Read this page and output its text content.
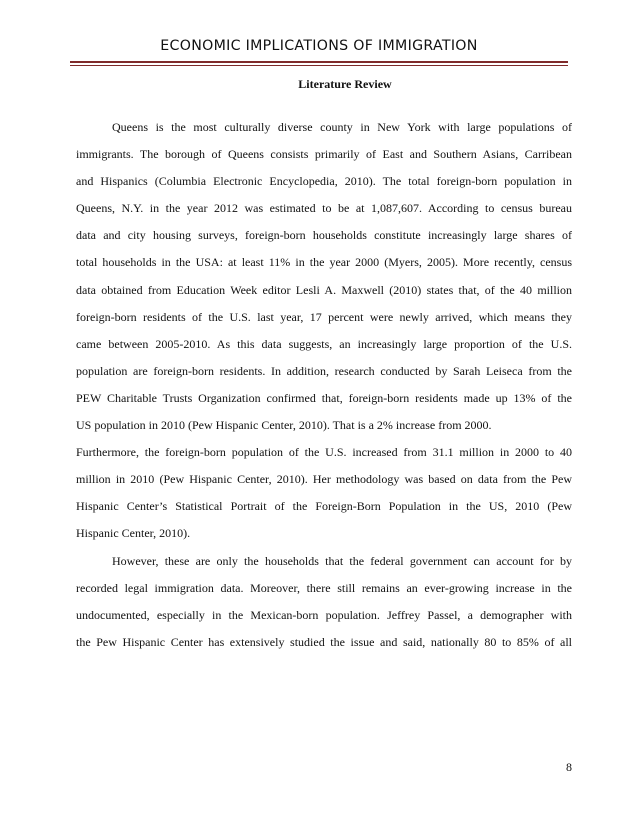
ECONOMIC IMPLICATIONS OF IMMIGRATION
Literature Review
Queens is the most culturally diverse county in New York with large populations of
immigrants. The borough of Queens consists primarily of East and Southern Asians, Carribean
and Hispanics (Columbia Electronic Encyclopedia, 2010). The total foreign-born population in
Queens, N.Y. in the year 2012 was estimated to be at 1,087,607. According to census bureau
data and city housing surveys, foreign-born households constitute increasingly large shares of
total households in the USA: at least 11% in the year 2000 (Myers, 2005). More recently, census
data obtained from Education Week editor Lesli A. Maxwell (2010) states that, of the 40 million
foreign-born residents of the U.S. last year, 17 percent were newly arrived, which means they
came between 2005-2010. As this data suggests, an increasingly large proportion of the U.S.
population are foreign-born residents. In addition, research conducted by Sarah Leiseca from the
PEW Charitable Trusts Organization confirmed that, foreign-born residents made up 13% of the
US population in 2010 (Pew Hispanic Center, 2010). That is a 2% increase from 2000.
Furthermore, the foreign-born population of the U.S. increased from 31.1 million in 2000 to 40
million in 2010 (Pew Hispanic Center, 2010). Her methodology was based on data from the Pew
Hispanic Center’s Statistical Portrait of the Foreign-Born Population in the US, 2010 (Pew
Hispanic Center, 2010).
However, these are only the households that the federal government can account for by
recorded legal immigration data. Moreover, there still remains an ever-growing increase in the
undocumented, especially in the Mexican-born population. Jeffrey Passel, a demographer with
the Pew Hispanic Center has extensively studied the issue and said, nationally 80 to 85% of all
8
